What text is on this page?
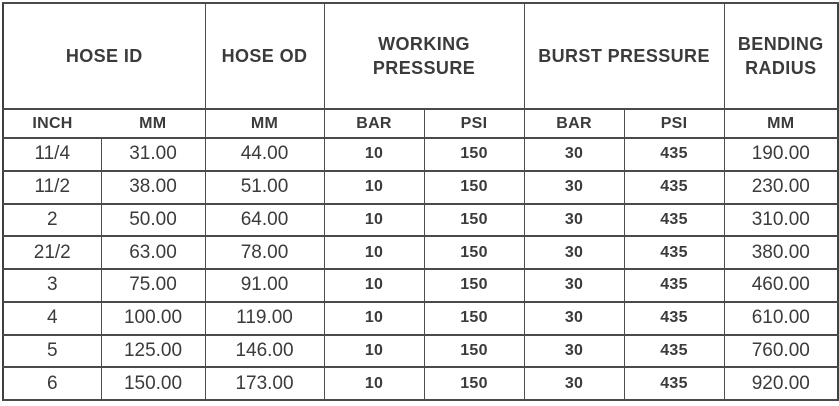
HOSE ID		HOSE OD	WORKING PRESSURE		BURST PRESSURE		BENDING RADIUS
INCH	MM	MM	BAR	PSI	BAR	PSI	MM
11/4	31.00	44.00	10	150	30	435	190.00
11/2	38.00	51.00	10	150	30	435	230.00
2	50.00	64.00	10	150	30	435	310.00
21/2	63.00	78.00	10	150	30	435	380.00
3	75.00	91.00	10	150	30	435	460.00
4	100.00	119.00	10	150	30	435	610.00
5	125.00	146.00	10	150	30	435	760.00
6	150.00	173.00	10	150	30	435	920.00
